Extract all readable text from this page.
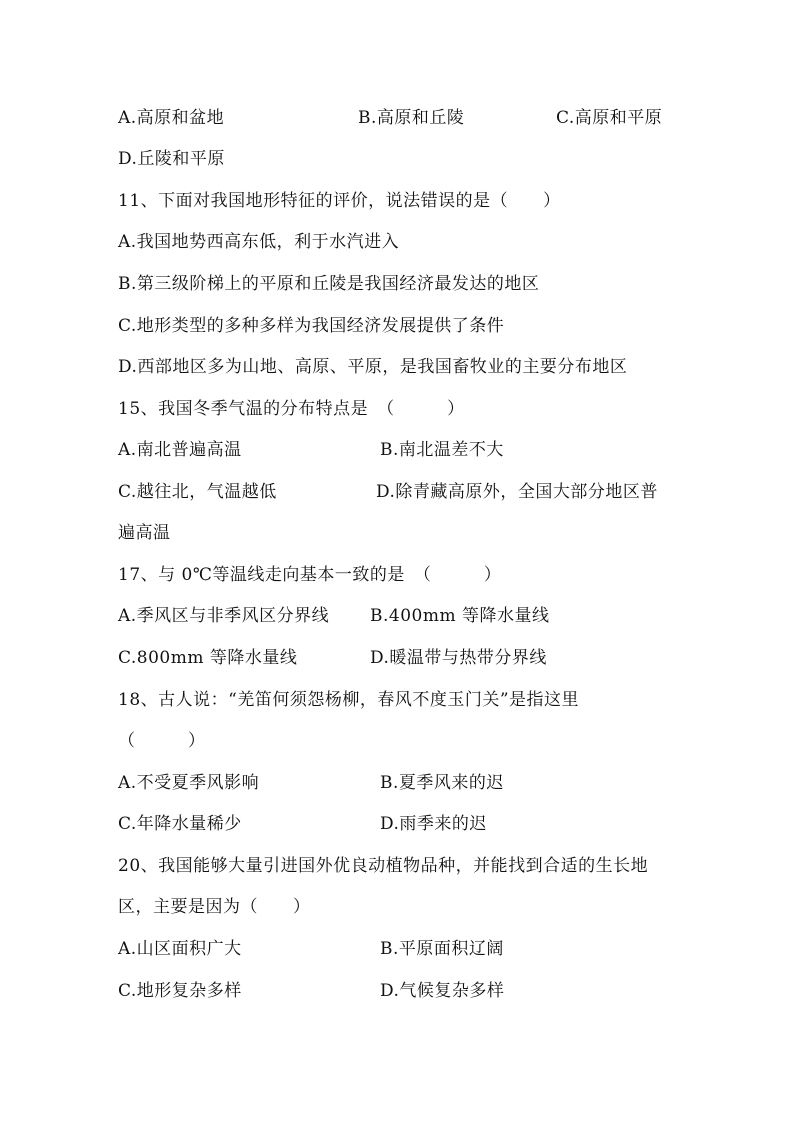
A.高原和盆地	B.高原和丘陵	C.高原和平原
D.丘陵和平原
11、下面对我国地形特征的评价，说法错误的是（　　）
A.我国地势西高东低，利于水汽进入
B.第三级阶梯上的平原和丘陵是我国经济最发达的地区
C.地形类型的多种多样为我国经济发展提供了条件
D.西部地区多为山地、高原、平原，是我国畜牧业的主要分布地区
15、我国冬季气温的分布特点是　（　　　）
A.南北普遍高温	B.南北温差不大
C.越往北，气温越低	D.除青藏高原外，全国大部分地区普
遍高温
17、与 0℃等温线走向基本一致的是　（　　　）
A.季风区与非季风区分界线 B.400mm 等降水量线
C.800mm 等降水量线	D.暖温带与热带分界线
18、古人说：“羌笛何须怨杨柳，春风不度玉门关”是指这里
（　　　）
A.不受夏季风影响	B.夏季风来的迟
C.年降水量稀少	D.雨季来的迟
20、我国能够大量引进国外优良动植物品种，并能找到合适的生长地
区，主要是因为（　　）
A.山区面积广大	B.平原面积辽阔
C.地形复杂多样	D.气候复杂多样
